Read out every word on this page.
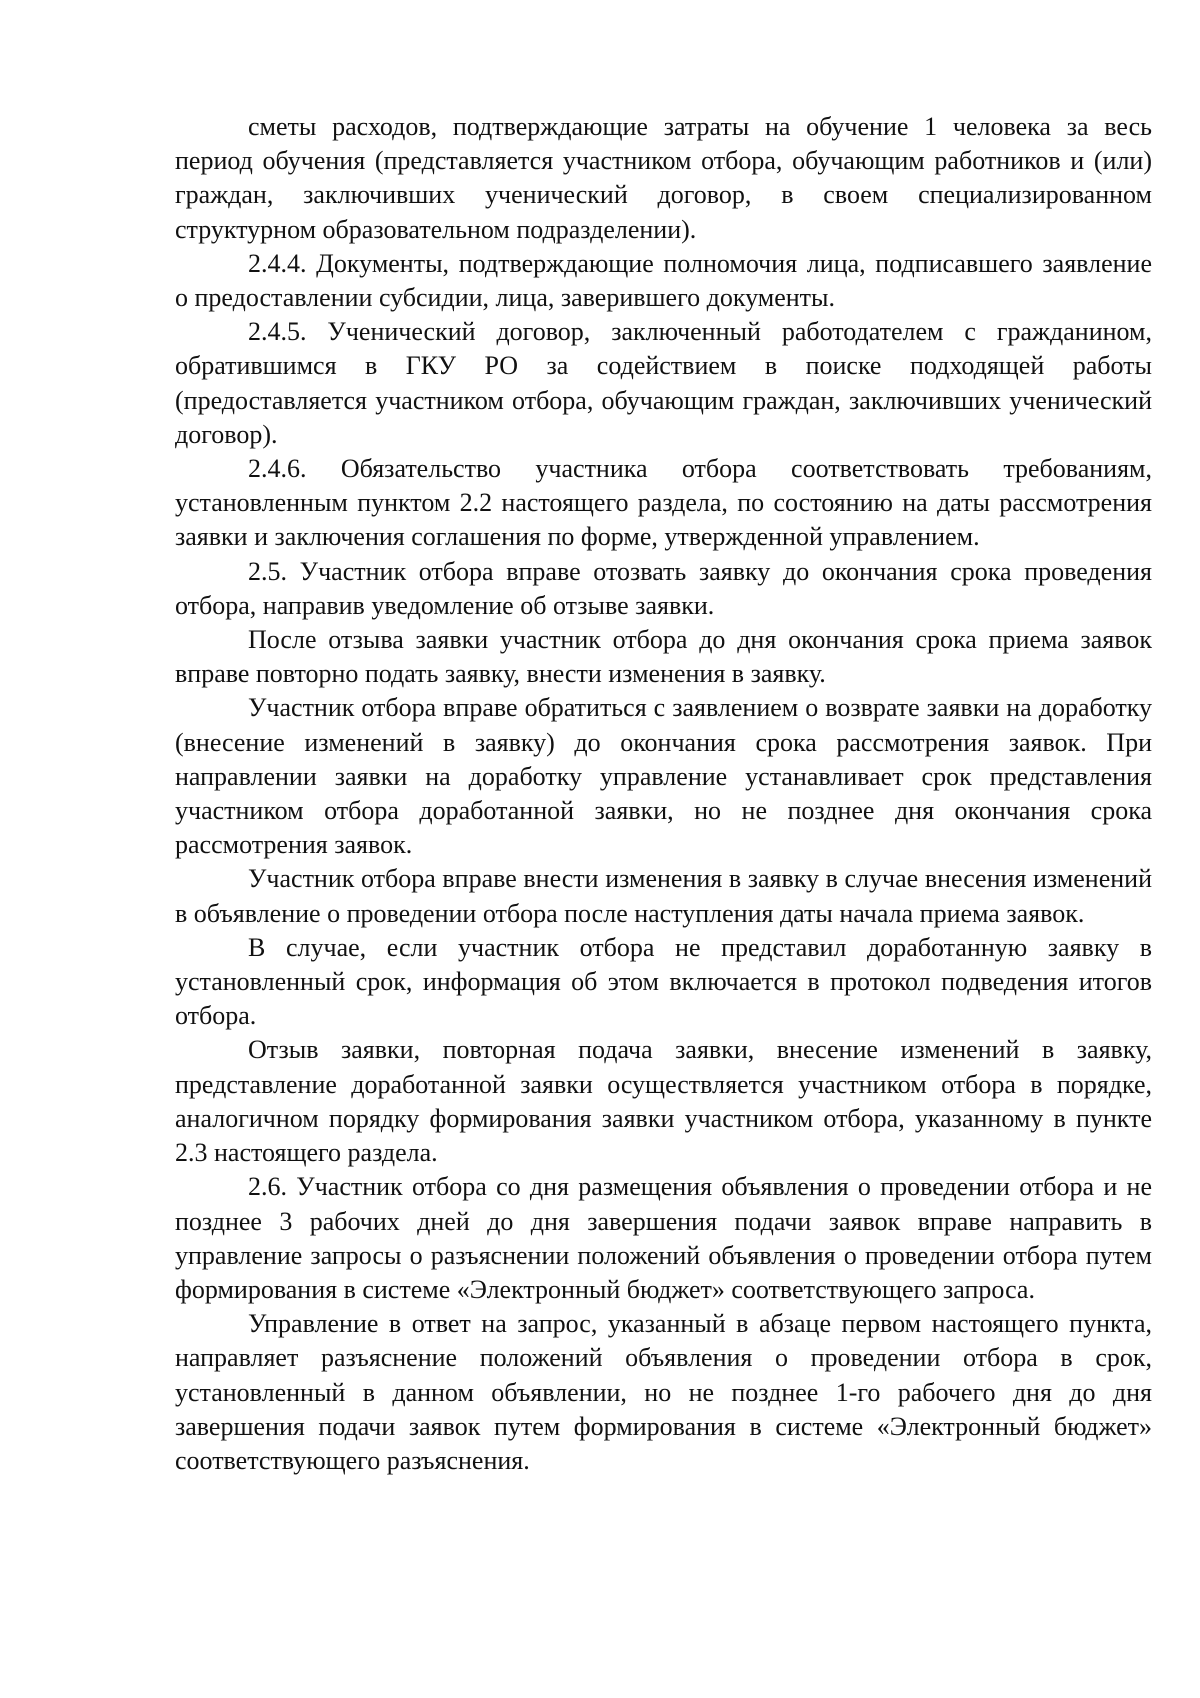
сметы расходов, подтверждающие затраты на обучение 1 человека за весь период обучения (представляется участником отбора, обучающим работников и (или) граждан, заключивших ученический договор, в своем специализированном структурном образовательном подразделении).

2.4.4. Документы, подтверждающие полномочия лица, подписавшего заявление о предоставлении субсидии, лица, заверившего документы.

2.4.5. Ученический договор, заключенный работодателем с гражданином, обратившимся в ГКУ РО за содействием в поиске подходящей работы (предоставляется участником отбора, обучающим граждан, заключивших ученический договор).

2.4.6. Обязательство участника отбора соответствовать требованиям, установленным пунктом 2.2 настоящего раздела, по состоянию на даты рассмотрения заявки и заключения соглашения по форме, утвержденной управлением.

2.5. Участник отбора вправе отозвать заявку до окончания срока проведения отбора, направив уведомление об отзыве заявки.

После отзыва заявки участник отбора до дня окончания срока приема заявок вправе повторно подать заявку, внести изменения в заявку.

Участник отбора вправе обратиться с заявлением о возврате заявки на доработку (внесение изменений в заявку) до окончания срока рассмотрения заявок. При направлении заявки на доработку управление устанавливает срок представления участником отбора доработанной заявки, но не позднее дня окончания срока рассмотрения заявок.

Участник отбора вправе внести изменения в заявку в случае внесения изменений в объявление о проведении отбора после наступления даты начала приема заявок.

В случае, если участник отбора не представил доработанную заявку в установленный срок, информация об этом включается в протокол подведения итогов отбора.

Отзыв заявки, повторная подача заявки, внесение изменений в заявку, представление доработанной заявки осуществляется участником отбора в порядке, аналогичном порядку формирования заявки участником отбора, указанному в пункте 2.3 настоящего раздела.

2.6. Участник отбора со дня размещения объявления о проведении отбора и не позднее 3 рабочих дней до дня завершения подачи заявок вправе направить в управление запросы о разъяснении положений объявления о проведении отбора путем формирования в системе «Электронный бюджет» соответствующего запроса.

Управление в ответ на запрос, указанный в абзаце первом настоящего пункта, направляет разъяснение положений объявления о проведении отбора в срок, установленный в данном объявлении, но не позднее 1-го рабочего дня до дня завершения подачи заявок путем формирования в системе «Электронный бюджет» соответствующего разъяснения.
